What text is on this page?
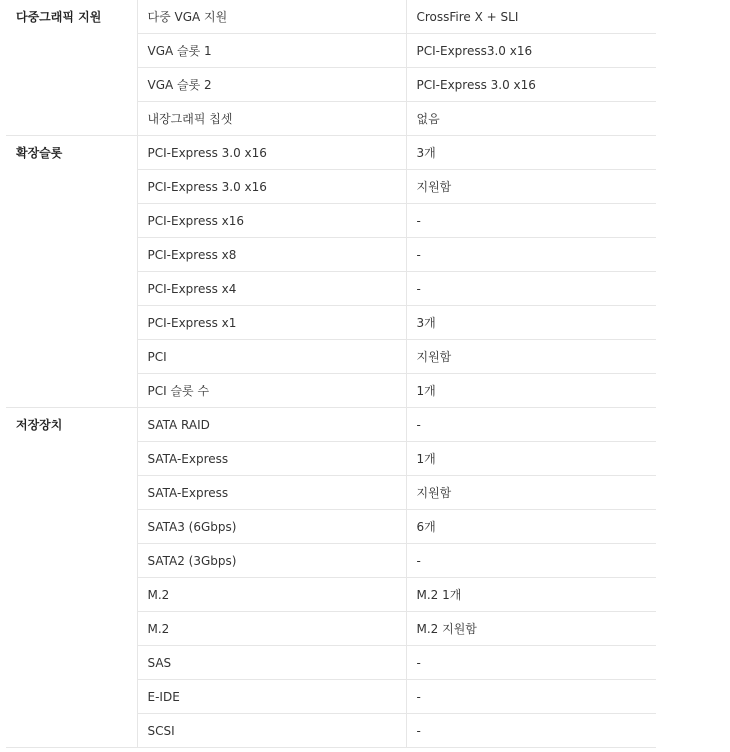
다중그래픽 지원	다중 VGA 지원	CrossFire X + SLI
	VGA 슬롯 1	PCI-Express3.0 x16
	VGA 슬롯 2	PCI-Express 3.0 x16
	내장그래픽 칩셋	없음
확장슬롯	PCI-Express 3.0 x16	3개
	PCI-Express 3.0 x16	지원함
	PCI-Express x16	-
	PCI-Express x8	-
	PCI-Express x4	-
	PCI-Express x1	3개
	PCI	지원함
	PCI 슬롯 수	1개
저장장치	SATA RAID	-
	SATA-Express	1개
	SATA-Express	지원함
	SATA3 (6Gbps)	6개
	SATA2 (3Gbps)	-
	M.2	M.2 1개
	M.2	M.2 지원함
	SAS	-
	E-IDE	-
	SCSI	-
